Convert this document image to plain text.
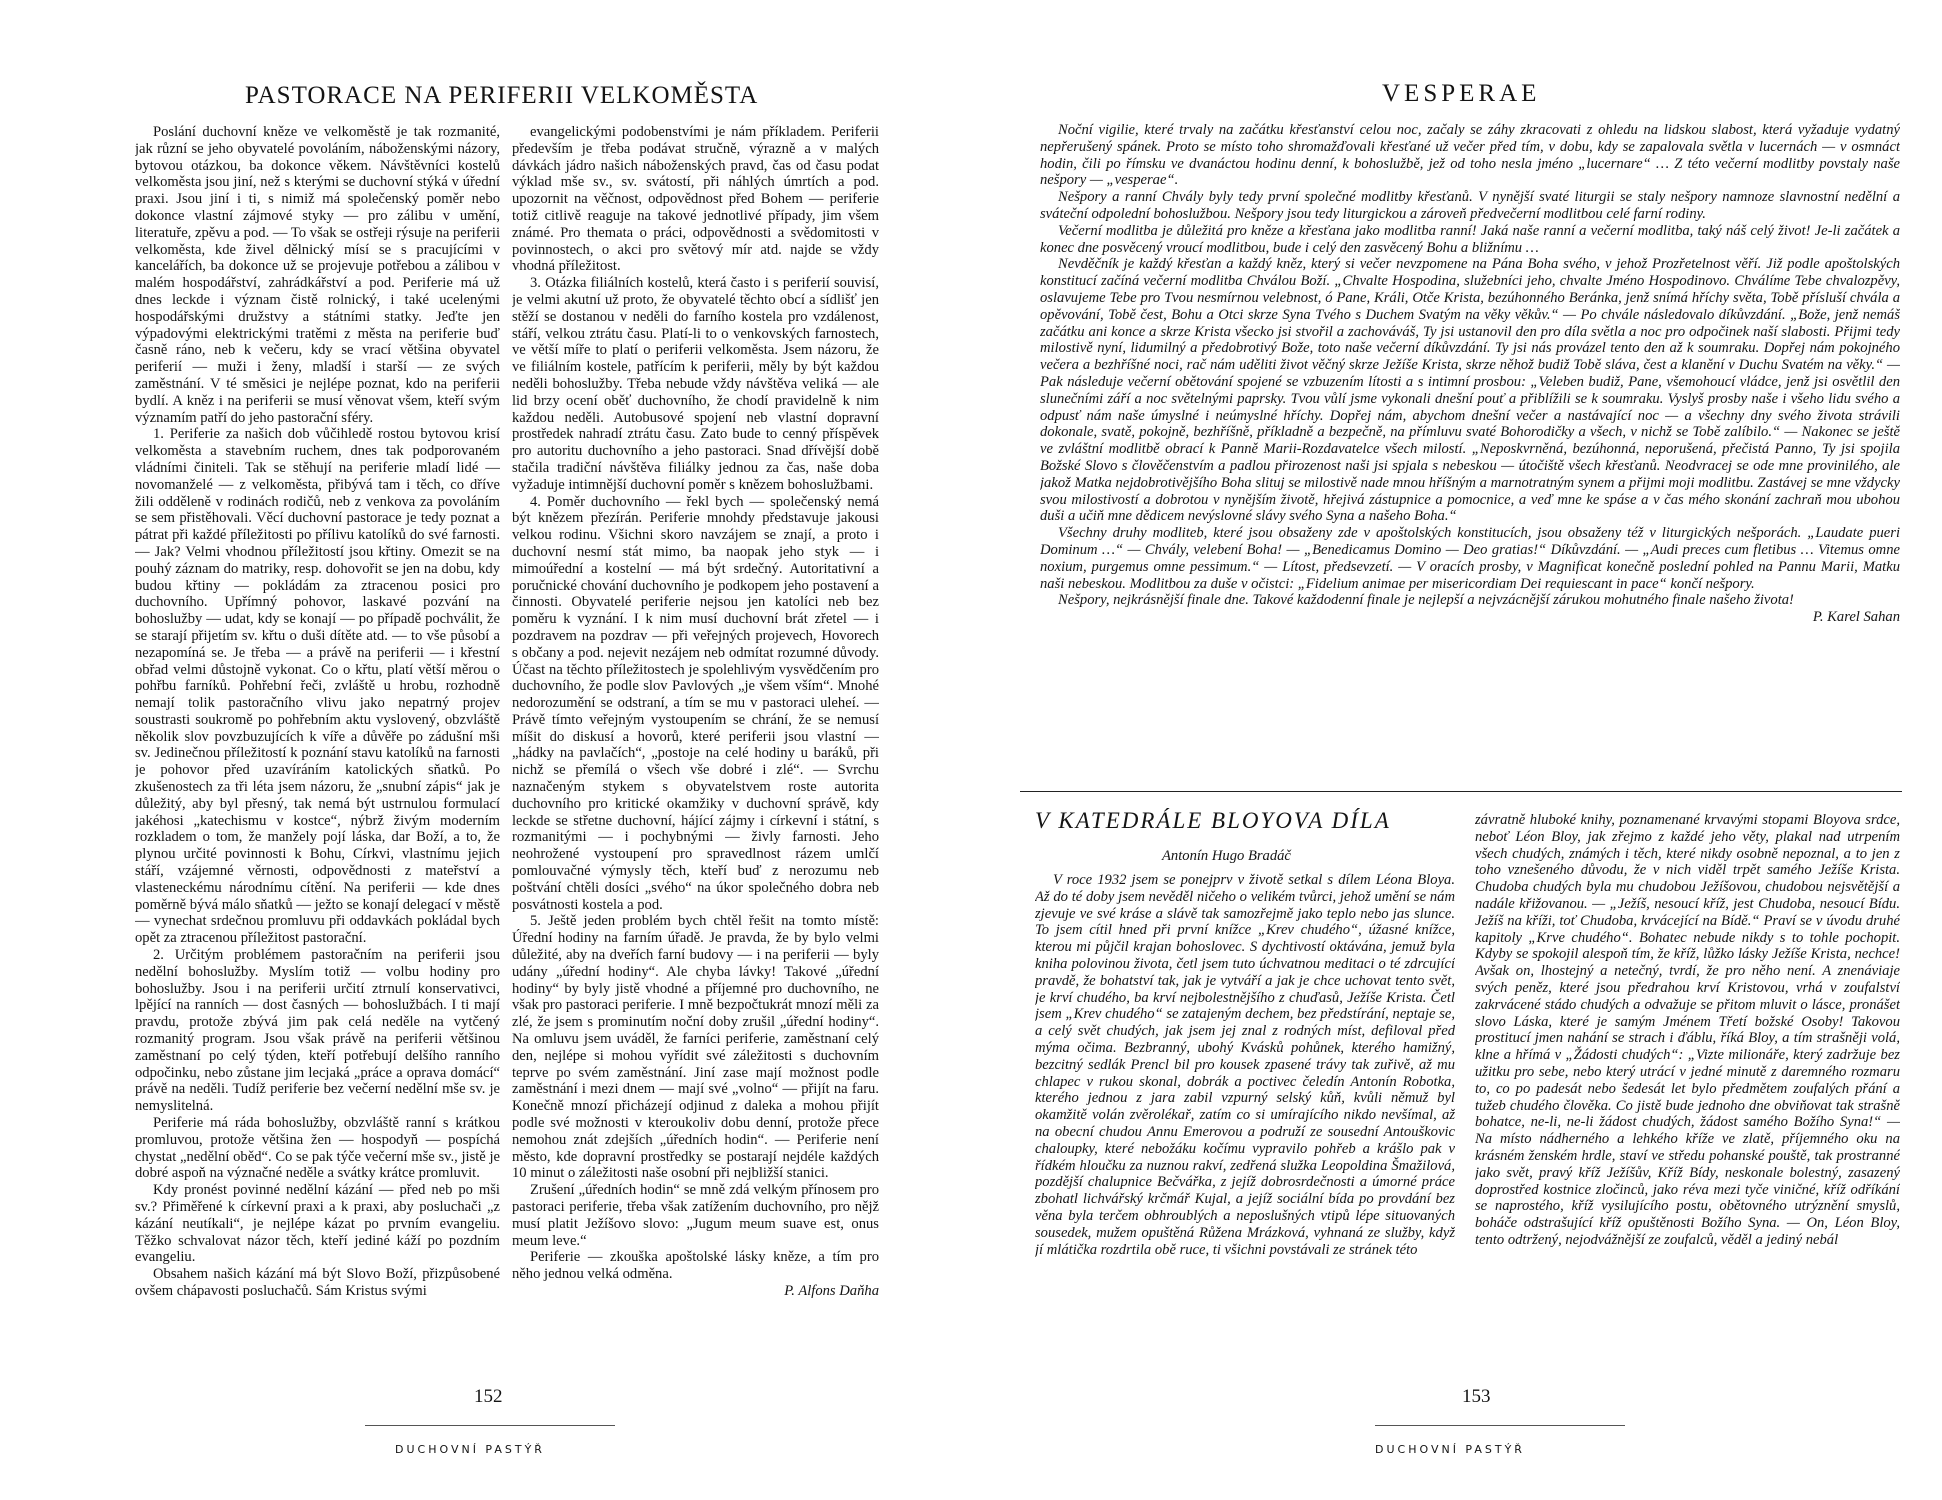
PASTORACE NA PERIFERII VELKOMĚSTA

Poslání duchovní kněze ve velkoměstě je tak rozmanité, jak různí se jeho obyvatelé povoláním, náboženskými názory, bytovou otázkou, ba dokonce věkem. Návštěvníci kostelů velkoměsta jsou jiní, než s kterými se duchovní stýká v úřední praxi. Jsou jiní i ti, s nimiž má společenský poměr nebo dokonce vlastní zájmové styky — pro zálibu v umění, literatuře, zpěvu a pod. — To však se ostřeji rýsuje na periferii velkoměsta, kde živel dělnický mísí se s pracujícími v kancelářích, ba dokonce už se projevuje potřebou a zálibou v malém hospodářství, zahrádkářství a pod. Periferie má už dnes leckde i význam čistě rolnický, i také ucelenými hospodářskými družstvy a státními statky. Jeďte jen výpadovými elektrickými tratěmi z města na periferie buď časně ráno, neb k večeru, kdy se vrací většina obyvatel periferií — muži i ženy, mladší i starší — ze svých zaměstnání. V té směsici je nejlépe poznat, kdo na periferii bydlí. A kněz i na periferii se musí věnovat všem, kteří svým významím patří do jeho pastorační sféry.

1. Periferie za našich dob vůčihledě rostou bytovou krisí velkoměsta a stavebním ruchem, dnes tak podporovaném vládními činiteli. Tak se stěhují na periferie mladí lidé — novomanželé — z velkoměsta, přibývá tam i těch, co dříve žili odděleně v rodinách rodičů, neb z venkova za povoláním se sem přistěhovali. Věcí duchovní pastorace je tedy poznat a pátrat při každé příležitosti po přílivu katolíků do své farnosti. — Jak? Velmi vhodnou příležitostí jsou křtiny. Omezit se na pouhý záznam do matriky, resp. dohovořit se jen na dobu, kdy budou křtiny — pokládám za ztracenou posici pro duchovního. Upřímný pohovor, laskavé pozvání na bohoslužby — udat, kdy se konají — po případě pochválit, že se starají přijetím sv. křtu o duši dítěte atd. — to vše působí a nezapomíná se. Je třeba — a právě na periferii — i křestní obřad velmi důstojně vykonat. Co o křtu, platí větší měrou o pohřbu farníků. Pohřební řeči, zvláště u hrobu, rozhodně nemají tolik pastoračního vlivu jako nepatrný projev soustrasti soukromě po pohřebním aktu vyslovený, obzvláště několik slov povzbuzujících k víře a důvěře po zádušní mši sv. Jedinečnou příležitostí k poznání stavu katolíků na farnosti je pohovor před uzavíráním katolických sňatků. Po zkušenostech za tři léta jsem názoru, že „snubní zápis“ jak je důležitý, aby byl přesný, tak nemá být ustrnulou formulací jakéhosi „katechismu v kostce“, nýbrž živým moderním rozkladem o tom, že manžely pojí láska, dar Boží, a to, že plynou určité povinnosti k Bohu, Církvi, vlastnímu jejich stáří, vzájemné věrnosti, odpovědnosti z mateřství a vlasteneckému národnímu cítění. Na periferii — kde dnes poměrně bývá málo sňatků — ježto se konají delegací v městě — vynechat srdečnou promluvu při oddavkách pokládal bych opět za ztracenou příležitost pastorační.

2. Určitým problémem pastoračním na periferii jsou nedělní bohoslužby. Myslím totiž — volbu hodiny pro bohoslužby. Jsou i na periferii určití ztrnulí konservativci, lpějící na ranních — dost časných — bohoslužbách. I ti mají pravdu, protože zbývá jim pak celá neděle na vytčený rozmanitý program. Jsou však právě na periferii většinou zaměstnaní po celý týden, kteří potřebují delšího ranního odpočinku, nebo zůstane jim lecjaká „práce a oprava domácí“ právě na neděli. Tudíž periferie bez večerní nedělní mše sv. je nemyslitelná.

Periferie má ráda bohoslužby, obzvláště ranní s krátkou promluvou, protože většina žen — hospodyň — pospíchá chystat „nedělní oběd“. Co se pak týče večerní mše sv., jistě je dobré aspoň na význačné neděle a svátky krátce promluvit.

Kdy pronést povinné nedělní kázání — před neb po mši sv.? Přiměřené k církevní praxi a k praxi, aby posluchači „z kázání neutíkali“, je nejlépe kázat po prvním evangeliu. Těžko schvalovat názor těch, kteří jediné káží po pozdním evangeliu.

Obsahem našich kázání má být Slovo Boží, přizpůsobené ovšem chápavosti posluchačů. Sám Kristus svými

evangelickými podobenstvími je nám příkladem. Periferii především je třeba podávat stručně, výrazně a v malých dávkách jádro našich náboženských pravd, čas od času podat výklad mše sv., sv. svátostí, při náhlých úmrtích a pod. upozornit na věčnost, odpovědnost před Bohem — periferie totiž citlivě reaguje na takové jednotlivé případy, jim všem známé. Pro themata o práci, odpovědnosti a svědomitosti v povinnostech, o akci pro světový mír atd. najde se vždy vhodná příležitost.

3. Otázka filiálních kostelů, která často i s periferií souvisí, je velmi akutní už proto, že obyvatelé těchto obcí a sídlišť jen stěží se dostanou v neděli do farního kostela pro vzdálenost, stáří, velkou ztrátu času. Platí-li to o venkovských farnostech, ve větší míře to platí o periferii velkoměsta. Jsem názoru, že ve filiálním kostele, patřícím k periferii, měly by být každou neděli bohoslužby. Třeba nebude vždy návštěva veliká — ale lid brzy ocení oběť duchovního, že chodí pravidelně k nim každou neděli. Autobusové spojení neb vlastní dopravní prostředek nahradí ztrátu času. Zato bude to cenný příspěvek pro autoritu duchovního a jeho pastoraci. Snad dřívější době stačila tradiční návštěva filiálky jednou za čas, naše doba vyžaduje intimnější duchovní poměr s knězem bohoslužbami.

4. Poměr duchovního — řekl bych — společenský nemá být knězem přezírán. Periferie mnohdy představuje jakousi velkou rodinu. Všichni skoro navzájem se znají, a proto i duchovní nesmí stát mimo, ba naopak jeho styk — i mimoúřední a kostelní — má být srdečný. Autoritativní a poručnické chování duchovního je podkopem jeho postavení a činnosti. Obyvatelé periferie nejsou jen katolíci neb bez poměru k vyznání. I k nim musí duchovní brát zřetel — i pozdravem na pozdrav — při veřejných projevech, Hovorech s občany a pod. nejevit nezájem neb odmítat rozumné důvody. Účast na těchto příležitostech je spolehlivým vysvědčením pro duchovního, že podle slov Pavlových „je všem vším“. Mnohé nedorozumění se odstraní, a tím se mu v pastoraci uleheí. — Právě tímto veřejným vystoupením se chrání, že se nemusí míšit do diskusí a hovorů, které periferii jsou vlastní — „hádky na pavlačích“, „postoje na celé hodiny u baráků, při nichž se přemílá o všech vše dobré i zlé“. — Svrchu naznačeným stykem s obyvatelstvem roste autorita duchovního pro kritické okamžiky v duchovní správě, kdy leckde se střetne duchovní, hájící zájmy i církevní i státní, s rozmanitými — i pochybnými — živly farnosti. Jeho neohrožené vystoupení pro spravedlnost rázem umlčí pomlouvačné výmysly těch, kteří buď z nerozumu neb poštvání chtěli dosíci „svého“ na úkor společného dobra neb posvátnosti kostela a pod.

5. Ještě jeden problém bych chtěl řešit na tomto místě: Úřední hodiny na farním úřadě. Je pravda, že by bylo velmi důležité, aby na dveřích farní budovy — i na periferii — byly udány „úřední hodiny“. Ale chyba lávky! Takové „úřední hodiny“ by byly jistě vhodné a příjemné pro duchovního, ne však pro pastoraci periferie. I mně bezpočtukrát mnozí měli za zlé, že jsem s prominutím noční doby zrušil „úřední hodiny“. Na omluvu jsem uváděl, že farníci periferie, zaměstnaní celý den, nejlépe si mohou vyřídit své záležitosti s duchovním teprve po svém zaměstnání. Jiní zase mají možnost podle zaměstnání i mezi dnem — mají své „volno“ — přijít na faru. Konečně mnozí přicházejí odjinud z daleka a mohou přijít podle své možnosti v kteroukoliv dobu denní, protože přece nemohou znát zdejších „úředních hodin“. — Periferie není město, kde dopravní prostředky se postarají nejdéle každých 10 minut o záležitosti naše osobní při nejbližší stanici.

Zrušení „úředních hodin“ se mně zdá velkým přínosem pro pastoraci periferie, třeba však zatížením duchovního, pro nějž musí platit Ježíšovo slovo: „Jugum meum suave est, onus meum leve.“

Periferie — zkouška apoštolské lásky kněze, a tím pro něho jednou velká odměna.

P. Alfons Daňha

152
DUCHOVNÍ PASTÝŘ
VESPERAE

Noční vigilie, které trvaly na začátku křesťanství celou noc, začaly se záhy zkracovati z ohledu na lidskou slabost, která vyžaduje vydatný nepřerušený spánek. Proto se místo toho shromažďovali křesťané už večer před tím, v dobu, kdy se zapalovala světla v lucernách — v osmnáct hodin, čili po římsku ve dvanáctou hodinu denní, k bohoslužbě, jež od toho nesla jméno „lucernare“ … Z této večerní modlitby povstaly naše nešpory — „vesperae“.

Nešpory a ranní Chvály byly tedy první společné modlitby křesťanů. V nynější svaté liturgii se staly nešpory namnoze slavnostní nedělní a sváteční odpolední bohoslužbou. Nešpory jsou tedy liturgickou a zároveň předvečerní modlitbou celé farní rodiny.

Večerní modlitba je důležitá pro kněze a křesťana jako modlitba ranní! Jaká naše ranní a večerní modlitba, taký náš celý život! Je-li začátek a konec dne posvěcený vroucí modlitbou, bude i celý den zasvěcený Bohu a bližnímu …

Nevděčník je každý křesťan a každý kněz, který si večer nevzpomene na Pána Boha svého, v jehož Prozřetelnost věří. Již podle apoštolských konstitucí začíná večerní modlitba Chválou Boží. „Chvalte Hospodina, služebníci jeho, chvalte Jméno Hospodinovo. Chválíme Tebe chvalozpěvy, oslavujeme Tebe pro Tvou nesmírnou velebnost, ó Pane, Králi, Otče Krista, bezúhonného Beránka, jenž snímá hříchy světa, Tobě přísluší chvála a opěvování, Tobě čest, Bohu a Otci skrze Syna Tvého s Duchem Svatým na věky věkův.“ — Po chvále následovalo díkůvzdání. „Bože, jenž nemáš začátku ani konce a skrze Krista všecko jsi stvořil a zachováváš, Ty jsi ustanovil den pro díla světla a noc pro odpočinek naší slabosti. Přijmi tedy milostivě nyní, lidumilný a předobrotivý Bože, toto naše večerní díkůvzdání. Ty jsi nás provázel tento den až k soumraku. Dopřej nám pokojného večera a bezhříšné noci, rač nám uděliti život věčný skrze Ježíše Krista, skrze něhož budiž Tobě sláva, čest a klanění v Duchu Svatém na věky.“ — Pak následuje večerní obětování spojené se vzbuzením lítosti a s intimní prosbou: „Veleben budiž, Pane, všemohoucí vládce, jenž jsi osvětlil den slunečními září a noc světelnými paprsky. Tvou vůlí jsme vykonali dnešní pouť a přiblížili se k soumraku. Vyslyš prosby naše i všeho lidu svého a odpusť nám naše úmyslné i neúmyslné hříchy. Dopřej nám, abychom dnešní večer a nastávající noc — a všechny dny svého života strávili dokonale, svatě, pokojně, bezhříšně, příkladně a bezpečně, na přímluvu svaté Bohorodičky a všech, v nichž se Tobě zalíbilo.“ — Nakonec se ještě ve zvláštní modlitbě obrací k Panně Marii-Rozdavatelce všech milostí. „Neposkvrněná, bezúhonná, neporušená, přečistá Panno, Ty jsi spojila Božské Slovo s člověčenstvím a padlou přirozenost naši jsi spjala s nebeskou — útočiště všech křesťanů. Neodvracej se ode mne provinilého, ale jakož Matka nejdobrotivějšího Boha slituj se milostivě nade mnou hříšným a marnotratným synem a přijmi moji modlitbu. Zastávej se mne vždycky svou milostivostí a dobrotou v nynějším životě, hřejivá zástupnice a pomocnice, a veď mne ke spáse a v čas mého skonání zachraň mou ubohou duši a učiň mne dědicem nevýslovné slávy svého Syna a našeho Boha.“

Všechny druhy modliteb, které jsou obsaženy zde v apoštolských konstitucích, jsou obsaženy též v liturgických nešporách. „Laudate pueri Dominum …“ — Chvály, velebení Boha! — „Benedicamus Domino — Deo gratias!“ Díkůvzdání. — „Audi preces cum fletibus … Vitemus omne noxium, purgemus omne pessimum.“ — Lítost, předsevzetí. — V oracích prosby, v Magnificat konečně poslední pohled na Pannu Marii, Matku naši nebeskou. Modlitbou za duše v očistci: „Fidelium animae per misericordiam Dei requiescant in pace“ končí nešpory.

Nešpory, nejkrásnější finale dne. Takové každodenní finale je nejlepší a nejvzácnější zárukou mohutného finale našeho života!

P. Karel Sahan

V KATEDRÁLE BLOYOVA DÍLA
Antonín Hugo Bradáč

V roce 1932 jsem se ponejprv v životě setkal s dílem Léona Bloya. Až do té doby jsem nevěděl ničeho o velikém tvůrci, jehož umění se nám zjevuje ve své kráse a slávě tak samozřejmě jako teplo nebo jas slunce. To jsem cítil hned při první knížce „Krev chudého“, úžasné knížce, kterou mi půjčil krajan bohoslovec. S dychtivostí oktávána, jemuž byla kniha polovinou života, četl jsem tuto úchvatnou meditaci o té zdrcující pravdě, že bohatství tak, jak je vytváří a jak je chce uchovat tento svět, je krví chudého, ba krví nejbolestnějšího z chuďasů, Ježíše Krista. Četl jsem „Krev chudého“ se zatajeným dechem, bez předstírání, neptaje se, a celý svět chudých, jak jsem jej znal z rodných míst, defiloval před mýma očima. Bezbranný, ubohý Kvásků pohůnek, kterého hamižný, bezcitný sedlák Prencl bil pro kousek zpasené trávy tak zuřivě, až mu chlapec v rukou skonal, dobrák a poctivec čeledín Antonín Robotka, kterého jednou z jara zabil vzpurný selský kůň, kvůli němuž byl okamžitě volán zvěrolékař, zatím co si umírajícího nikdo nevšímal, až na obecní chudou Annu Emerovou a podruží ze sousední Antouškovic chaloupky, které nebožáku kočímu vypravilo pohřeb a krášlo pak v řídkém hloučku za nuznou rakví, zedřená služka Leopoldina Šmažilová, pozdější chalupnice Bečvářka, z jejíž dobrosrdečnosti a úmorné práce zbohatl lichvářský krčmář Kujal, a jejíž sociální bída po provdání bez věna byla terčem obhroublých a neposlušných vtipů lépe situovaných sousedek, mužem opuštěná Růžena Mrázková, vyhnaná ze služby, když jí mlátička rozdrtila obě ruce, ti všichni povstávali ze stránek této

závratně hluboké knihy, poznamenané krvavými stopami Bloyova srdce, neboť Léon Bloy, jak zřejmo z každé jeho věty, plakal nad utrpením všech chudých, známých i těch, které nikdy osobně nepoznal, a to jen z toho vznešeného důvodu, že v nich viděl trpět samého Ježíše Krista. Chudoba chudých byla mu chudobou Ježíšovou, chudobou nejsvětější a nadále křižovanou. — „Ježíš, nesoucí kříž, jest Chudoba, nesoucí Bídu. Ježíš na kříži, toť Chudoba, krvácející na Bídě.“ Praví se v úvodu druhé kapitoly „Krve chudého“. Bohatec nebude nikdy s to tohle pochopit. Kdyby se spokojil alespoň tím, že kříž, lůžko lásky Ježíše Krista, nechce! Avšak on, lhostejný a netečný, tvrdí, že pro něho není. A znenáviaje svých peněz, které jsou předrahou krví Kristovou, vrhá v zoufalství zakrvácené stádo chudých a odvažuje se přitom mluvit o lásce, pronášet slovo Láska, které je samým Jménem Třetí božské Osoby! Takovou prostitucí jmen nahání se strach i ďáblu, říká Bloy, a tím strašněji volá, klne a hřímá v „Žádosti chudých“: „Vizte milionáře, který zadržuje bez užitku pro sebe, nebo který utrácí v jedné minutě z daremného rozmaru to, co po padesát nebo šedesát let bylo předmětem zoufalých přání a tužeb chudého člověka. Co jistě bude jednoho dne obviňovat tak strašně bohatce, ne-li, ne-li žádost chudých, žádost samého Božího Syna!“ — Na místo nádherného a lehkého kříže ve zlatě, příjemného oku na krásném ženském hrdle, staví ve středu pohanské pouště, tak prostranné jako svět, pravý kříž Ježíšův, Kříž Bídy, neskonale bolestný, zasazený doprostřed kostnice zločinců, jako réva mezi tyče viničné, kříž odříkání se naprostého, kříž vysilujícího postu, obětovného utrýznění smyslů, boháče odstrašující kříž opuštěnosti Božího Syna. — On, Léon Bloy, tento odtržený, nejodvážnější ze zoufalců, věděl a jediný nebál

153
DUCHOVNÍ PASTÝŘ
